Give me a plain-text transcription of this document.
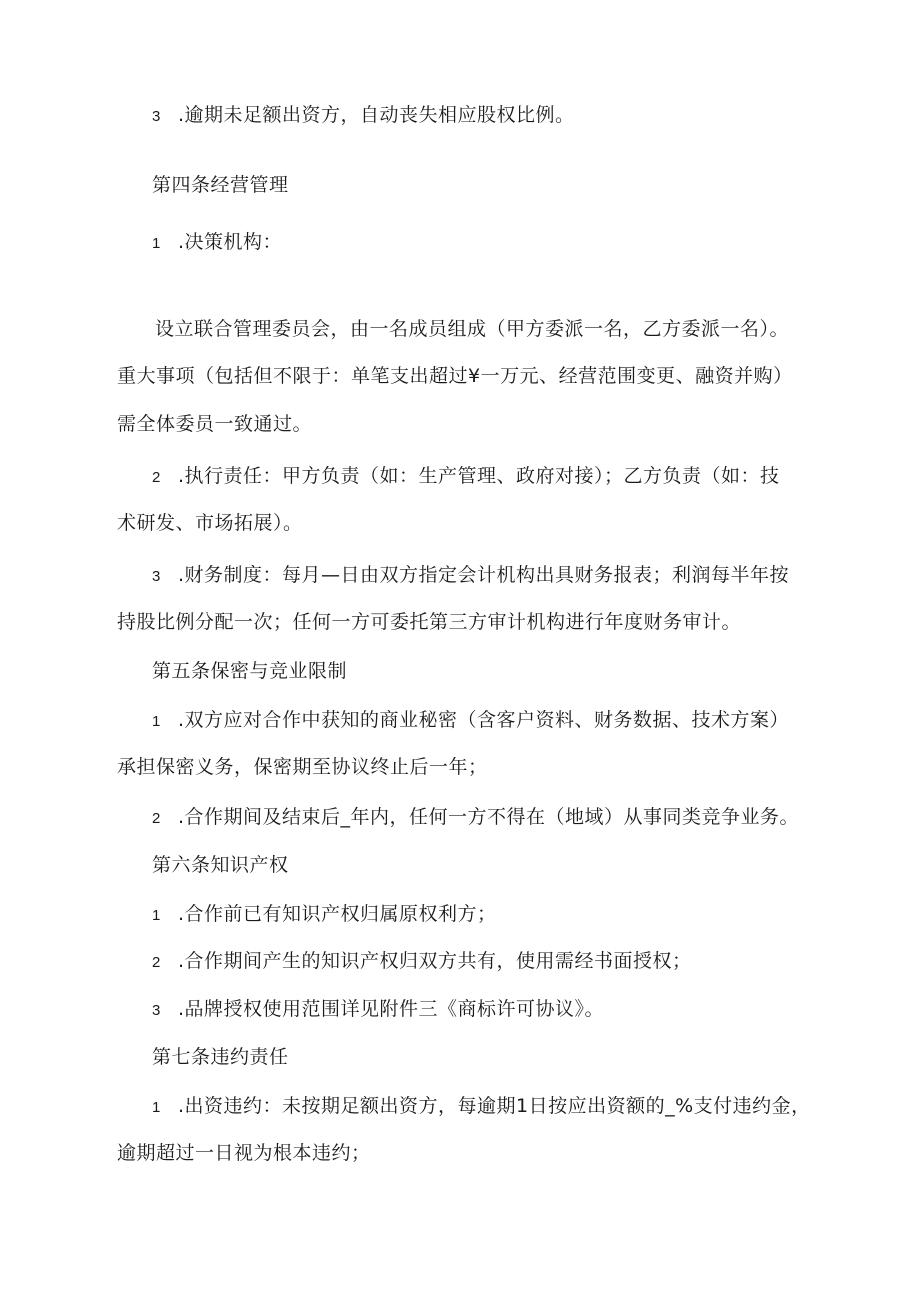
3 .逾期未足额出资方，自动丧失相应股权比例。
第四条经营管理
1 .决策机构：
设立联合管理委员会，由一名成员组成（甲方委派一名，乙方委派一名）。
重大事项（包括但不限于：单笔支出超过¥一万元、经营范围变更、融资并购）
需全体委员一致通过。
2 .执行责任：甲方负责（如：生产管理、政府对接）；乙方负责（如：技
术研发、市场拓展）。
3 .财务制度：每月—日由双方指定会计机构出具财务报表；利润每半年按
持股比例分配一次；任何一方可委托第三方审计机构进行年度财务审计。
第五条保密与竞业限制
1 .双方应对合作中获知的商业秘密（含客户资料、财务数据、技术方案）
承担保密义务，保密期至协议终止后一年；
2 .合作期间及结束后_年内，任何一方不得在（地域）从事同类竞争业务。
第六条知识产权
1 .合作前已有知识产权归属原权利方；
2 .合作期间产生的知识产权归双方共有，使用需经书面授权；
3 .品牌授权使用范围详见附件三《商标许可协议》。
第七条违约责任
1 .出资违约：未按期足额出资方，每逾期1日按应出资额的_%支付违约金，
逾期超过一日视为根本违约；
